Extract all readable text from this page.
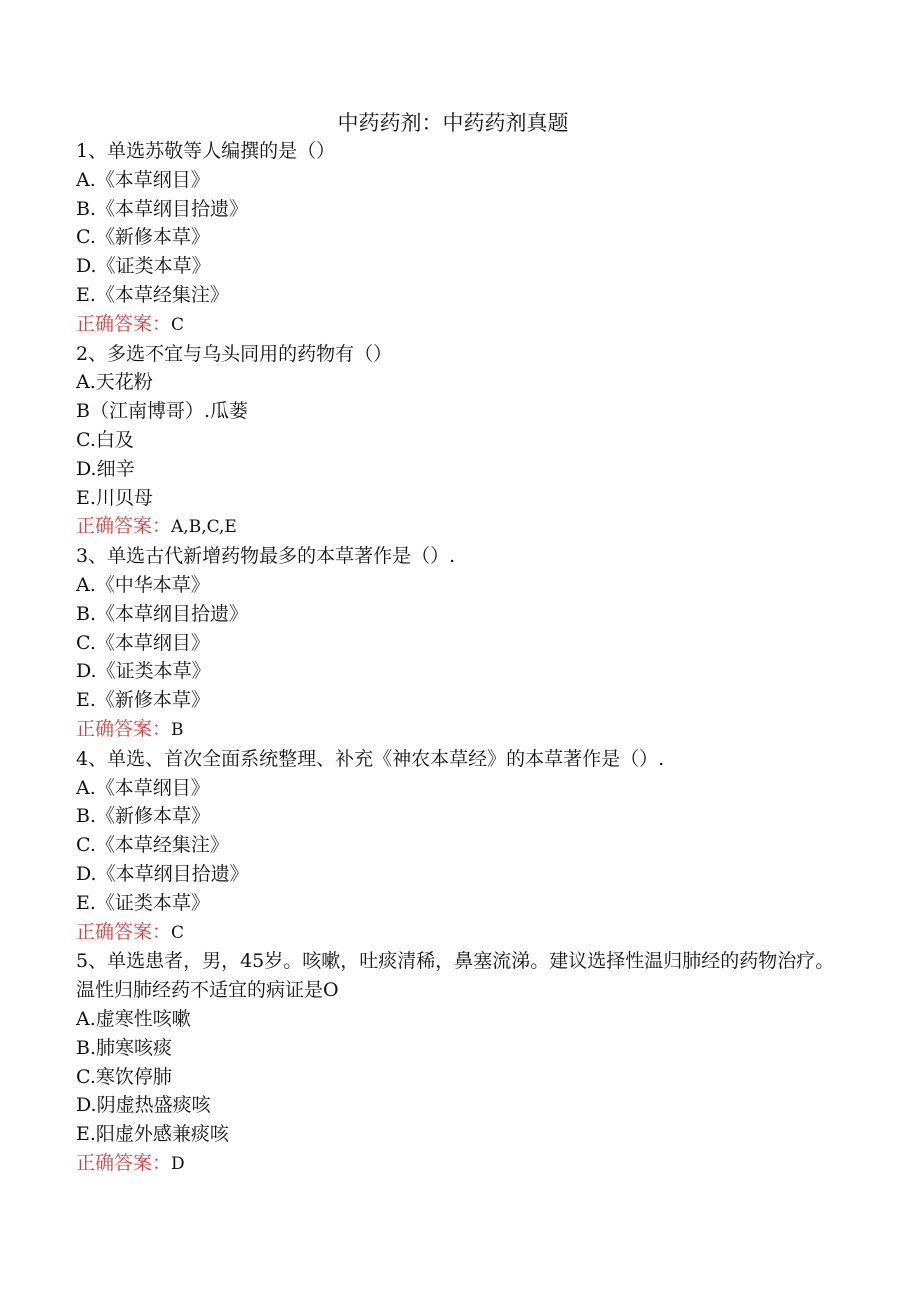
中药药剂：中药药剂真题
1、单选苏敬等人编撰的是（）
A.《本草纲目》
B.《本草纲目拾遗》
C.《新修本草》
D.《证类本草》
E.《本草经集注》
正确答案：C
2、多选不宜与乌头同用的药物有（）
A.天花粉
B（江南博哥）.瓜蒌
C.白及
D.细辛
E.川贝母
正确答案：A,B,C,E
3、单选古代新增药物最多的本草著作是（）.
A.《中华本草》
B.《本草纲目拾遗》
C.《本草纲目》
D.《证类本草》
E.《新修本草》
正确答案：B
4、单选、首次全面系统整理、补充《神农本草经》的本草著作是（）.
A.《本草纲目》
B.《新修本草》
C.《本草经集注》
D.《本草纲目拾遗》
E.《证类本草》
正确答案：C
5、单选患者，男，45岁。咳嗽，吐痰清稀，鼻塞流涕。建议选择性温归肺经的药物治疗。温性归肺经药不适宜的病证是O
A.虚寒性咳嗽
B.肺寒咳痰
C.寒饮停肺
D.阴虚热盛痰咳
E.阳虚外感兼痰咳
正确答案：D
